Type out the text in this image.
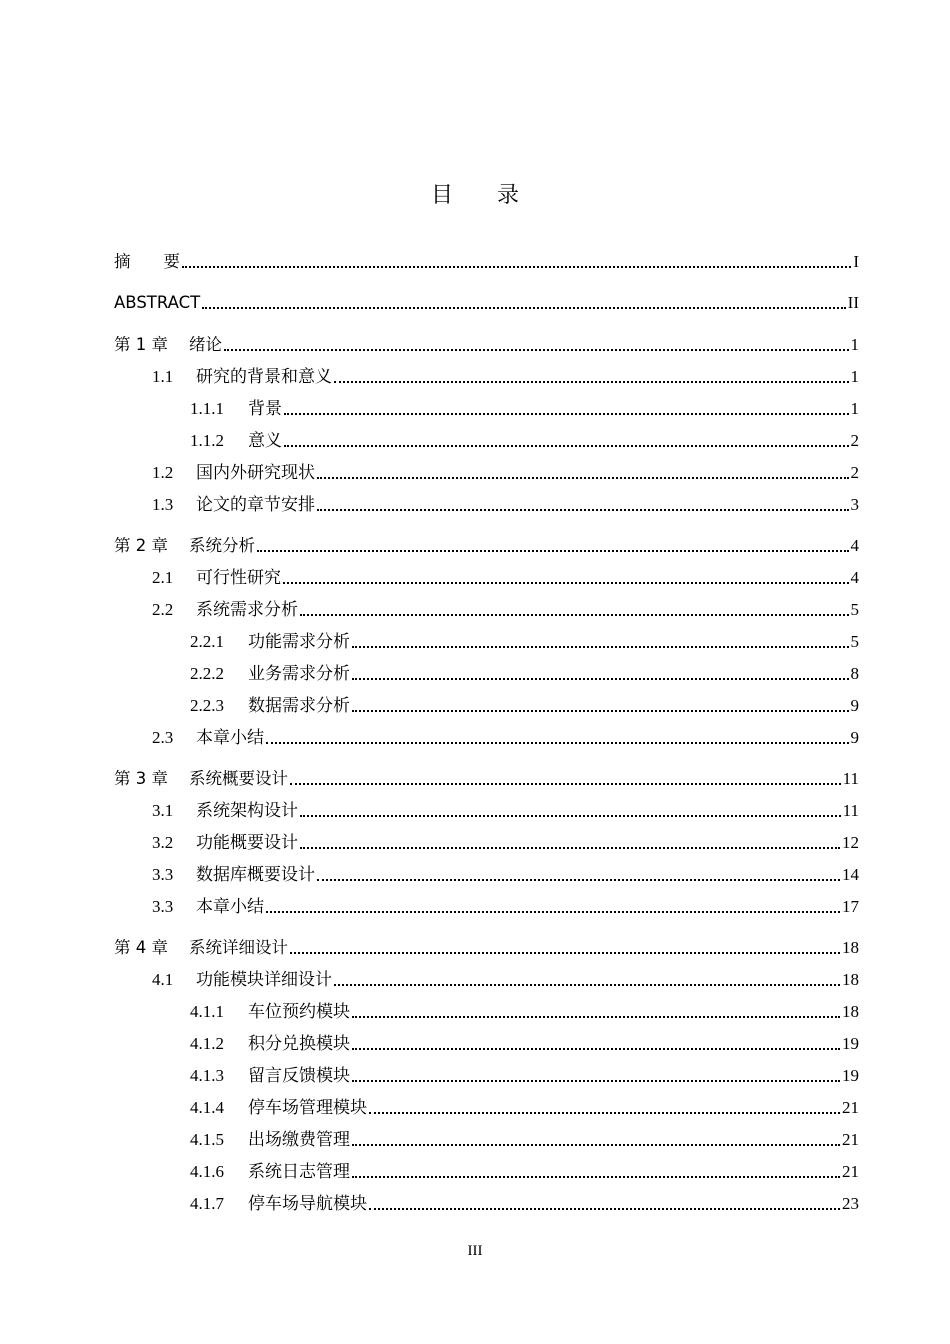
目录
摘　　要	I
ABSTRACT	II
第 1 章	绪论	1
1.1	研究的背景和意义	1
1.1.1	背景	1
1.1.2	意义	2
1.2	国内外研究现状	2
1.3	论文的章节安排	3
第 2 章	系统分析	4
2.1	可行性研究	4
2.2	系统需求分析	5
2.2.1	功能需求分析	5
2.2.2	业务需求分析	8
2.2.3	数据需求分析	9
2.3	本章小结	9
第 3 章	系统概要设计	11
3.1	系统架构设计	11
3.2	功能概要设计	12
3.3	数据库概要设计	14
3.3	本章小结	17
第 4 章	系统详细设计	18
4.1	功能模块详细设计	18
4.1.1	车位预约模块	18
4.1.2	积分兑换模块	19
4.1.3	留言反馈模块	19
4.1.4	停车场管理模块	21
4.1.5	出场缴费管理	21
4.1.6	系统日志管理	21
4.1.7	停车场导航模块	23
III
